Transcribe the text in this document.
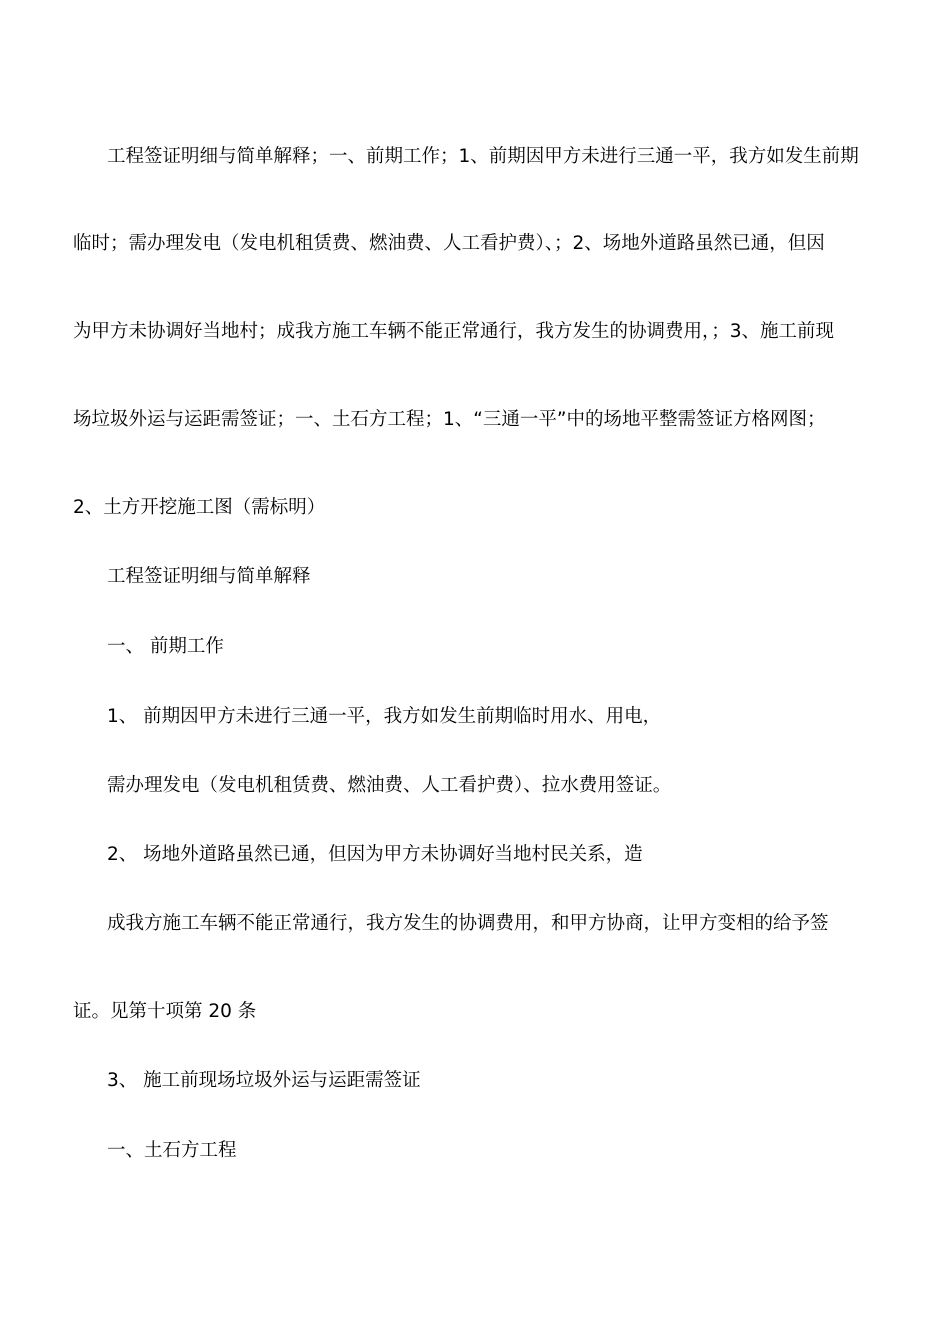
工程签证明细与简单解释；一、前期工作；1、前期因甲方未进行三通一平，我方如发生前期
临时；需办理发电（发电机租赁费、燃油费、人工看护费）、；2、场地外道路虽然已通，但因
为甲方未协调好当地村；成我方施工车辆不能正常通行，我方发生的协调费用，；3、施工前现
场垃圾外运与运距需签证；一、土石方工程；1、“三通一平”中的场地平整需签证方格网图；
2、土方开挖施工图（需标明）
工程签证明细与简单解释
一、 前期工作
1、 前期因甲方未进行三通一平，我方如发生前期临时用水、用电，
需办理发电（发电机租赁费、燃油费、人工看护费）、拉水费用签证。
2、 场地外道路虽然已通，但因为甲方未协调好当地村民关系，造
成我方施工车辆不能正常通行，我方发生的协调费用，和甲方协商，让甲方变相的给予签
证。见第十项第 20 条
3、 施工前现场垃圾外运与运距需签证
一、土石方工程
